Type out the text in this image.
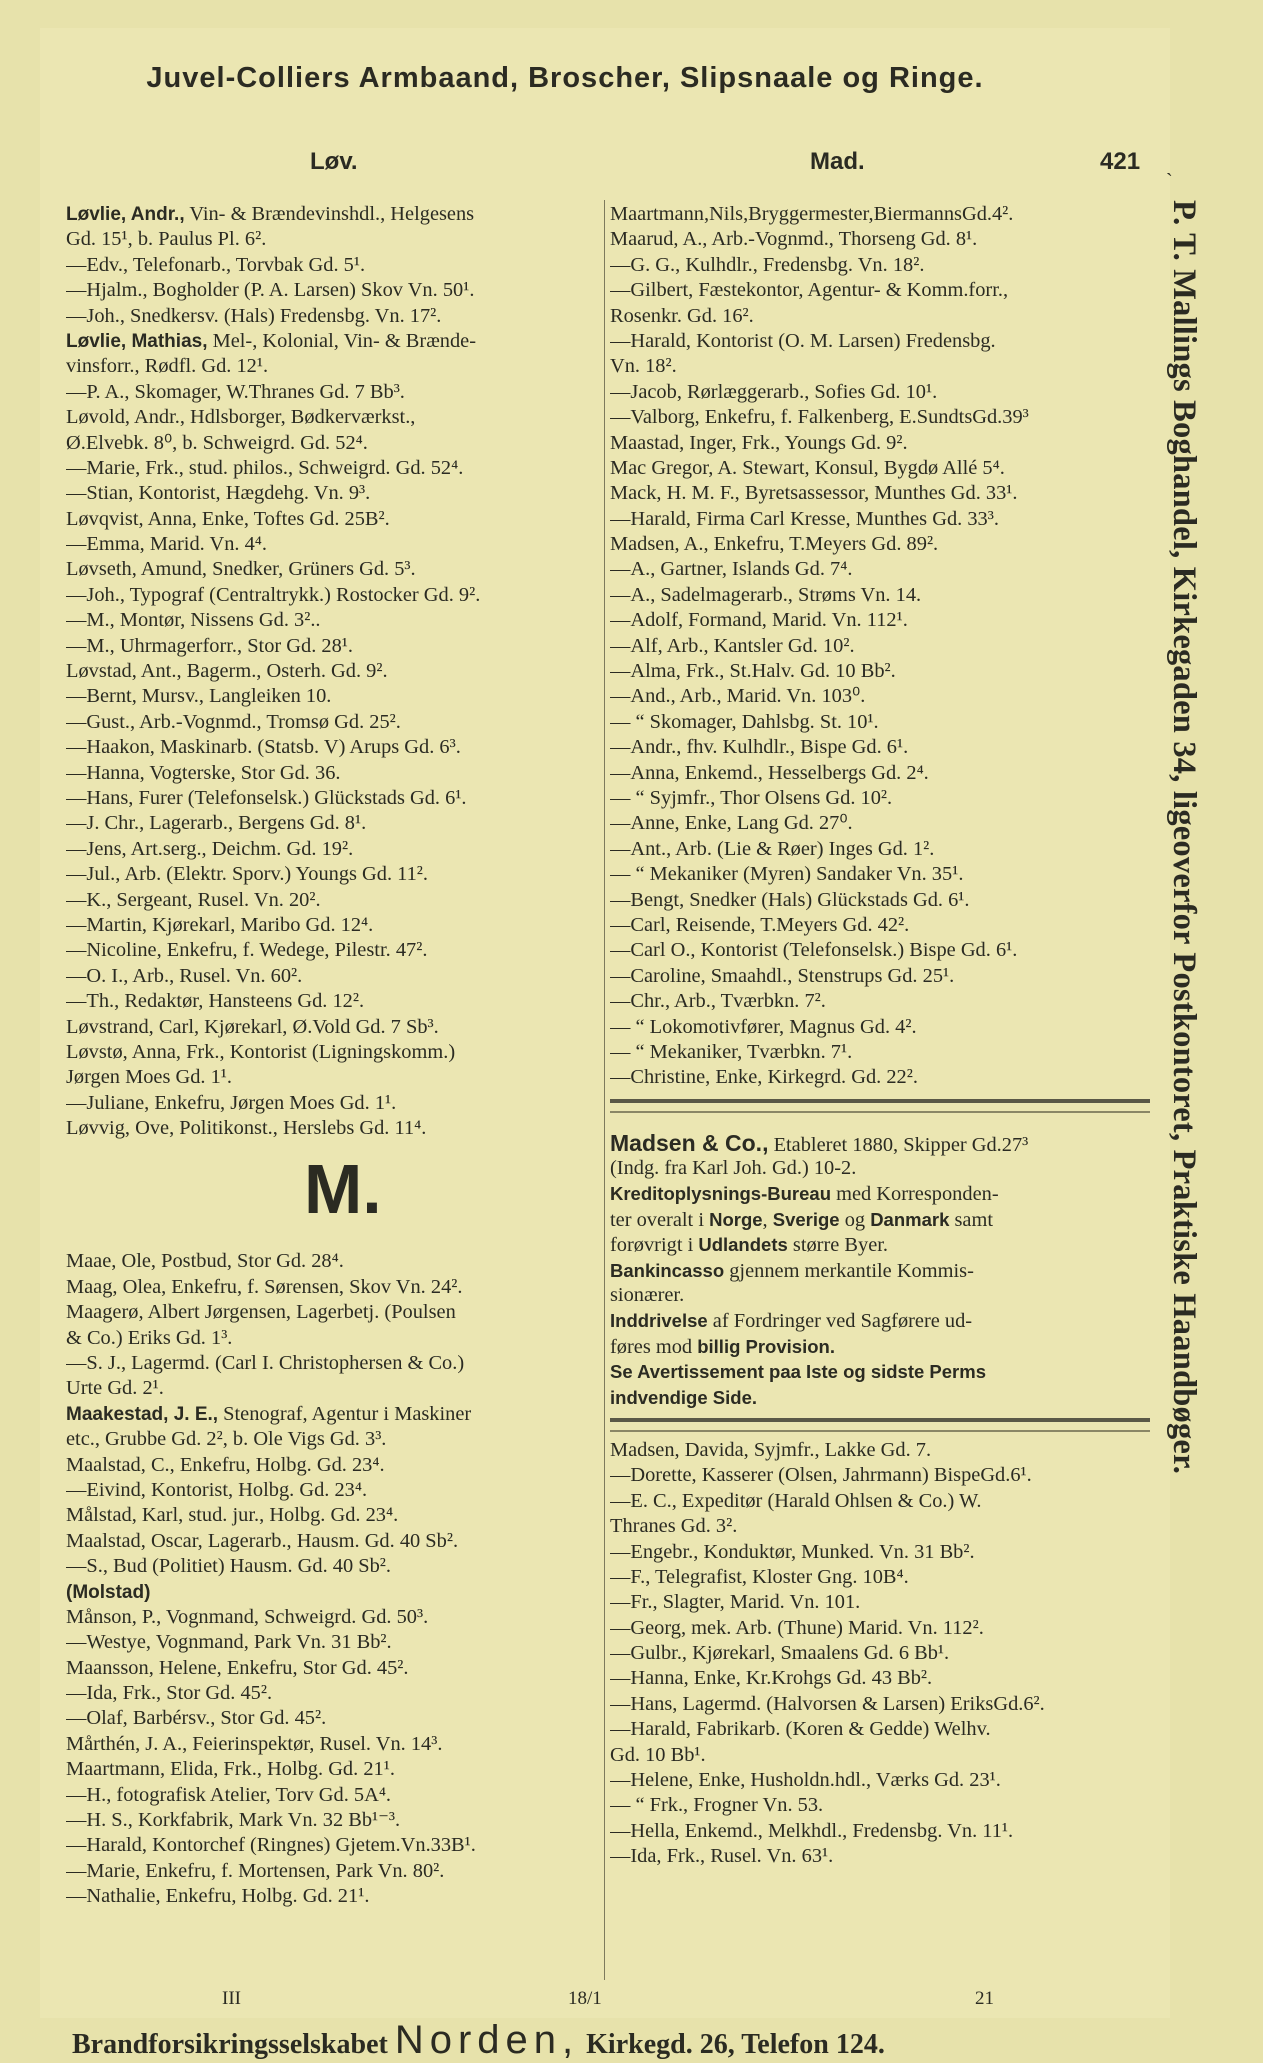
Juvel-Colliers Armbaand, Broscher, Slipsnaale og Ringe.
Løv.	Mad.	421
Løvlie, Andr., Vin- & Brændevinshdl., Helgesens
Gd. 15¹, b. Paulus Pl. 6².
—Edv., Telefonarb., Torvbak Gd. 5¹.
—Hjalm., Bogholder (P. A. Larsen) Skov Vn. 50¹.
—Joh., Snedkersv. (Hals) Fredensbg. Vn. 17².
Løvlie, Mathias, Mel-, Kolonial, Vin- & Brænde-
vinsforr., Rødfl. Gd. 12¹.
—P. A., Skomager, W.Thranes Gd. 7 Bb³.
Løvold, Andr., Hdlsborger, Bødkerværkst.,
Ø.Elvebk. 8⁰, b. Schweigrd. Gd. 52⁴.
—Marie, Frk., stud. philos., Schweigrd. Gd. 52⁴.
—Stian, Kontorist, Hægdehg. Vn. 9³.
Løvqvist, Anna, Enke, Toftes Gd. 25B².
—Emma, Marid. Vn. 4⁴.
Løvseth, Amund, Snedker, Grüners Gd. 5³.
—Joh., Typograf (Centraltrykk.) Rostocker Gd. 9².
—M., Montør, Nissens Gd. 3²..
—M., Uhrmagerforr., Stor Gd. 28¹.
Løvstad, Ant., Bagerm., Osterh. Gd. 9².
—Bernt, Mursv., Langleiken 10.
—Gust., Arb.-Vognmd., Tromsø Gd. 25².
—Haakon, Maskinarb. (Statsb. V) Arups Gd. 6³.
—Hanna, Vogterske, Stor Gd. 36.
—Hans, Furer (Telefonselsk.) Glückstads Gd. 6¹.
—J. Chr., Lagerarb., Bergens Gd. 8¹.
—Jens, Art.serg., Deichm. Gd. 19².
—Jul., Arb. (Elektr. Sporv.) Youngs Gd. 11².
—K., Sergeant, Rusel. Vn. 20².
—Martin, Kjørekarl, Maribo Gd. 12⁴.
—Nicoline, Enkefru, f. Wedege, Pilestr. 47².
—O. I., Arb., Rusel. Vn. 60².
—Th., Redaktør, Hansteens Gd. 12².
Løvstrand, Carl, Kjørekarl, Ø.Vold Gd. 7 Sb³.
Løvstø, Anna, Frk., Kontorist (Ligningskomm.)
Jørgen Moes Gd. 1¹.
—Juliane, Enkefru, Jørgen Moes Gd. 1¹.
Løvvig, Ove, Politikonst., Herslebs Gd. 11⁴.
M.
Maae, Ole, Postbud, Stor Gd. 28⁴.
Maag, Olea, Enkefru, f. Sørensen, Skov Vn. 24².
Maagerø, Albert Jørgensen, Lagerbetj. (Poulsen
& Co.) Eriks Gd. 1³.
—S. J., Lagermd. (Carl I. Christophersen & Co.)
Urte Gd. 2¹.
Maakestad, J. E., Stenograf, Agentur i Maskiner
etc., Grubbe Gd. 2², b. Ole Vigs Gd. 3³.
Maalstad, C., Enkefru, Holbg. Gd. 23⁴.
—Eivind, Kontorist, Holbg. Gd. 23⁴.
Målstad, Karl, stud. jur., Holbg. Gd. 23⁴.
Maalstad, Oscar, Lagerarb., Hausm. Gd. 40 Sb².
—S., Bud (Politiet) Hausm. Gd. 40 Sb².
(Molstad)
Månson, P., Vognmand, Schweigrd. Gd. 50³.
—Westye, Vognmand, Park Vn. 31 Bb².
Maansson, Helene, Enkefru, Stor Gd. 45².
—Ida, Frk., Stor Gd. 45².
—Olaf, Barbérsv., Stor Gd. 45².
Mårthén, J. A., Feierinspektør, Rusel. Vn. 14³.
Maartmann, Elida, Frk., Holbg. Gd. 21¹.
—H., fotografisk Atelier, Torv Gd. 5A⁴.
—H. S., Korkfabrik, Mark Vn. 32 Bb¹⁻³.
—Harald, Kontorchef (Ringnes) Gjetem.Vn.33B¹.
—Marie, Enkefru, f. Mortensen, Park Vn. 80².
—Nathalie, Enkefru, Holbg. Gd. 21¹.
Maartmann,Nils,Bryggermester,BiermannsGd.4².
Maarud, A., Arb.-Vognmd., Thorseng Gd. 8¹.
—G. G., Kulhdlr., Fredensbg. Vn. 18².
—Gilbert, Fæstekontor, Agentur- & Komm.forr.,
Rosenkr. Gd. 16².
—Harald, Kontorist (O. M. Larsen) Fredensbg.
Vn. 18².
—Jacob, Rørlæggerarb., Sofies Gd. 10¹.
—Valborg, Enkefru, f. Falkenberg, E.SundtsGd.39³
Maastad, Inger, Frk., Youngs Gd. 9².
Mac Gregor, A. Stewart, Konsul, Bygdø Allé 5⁴.
Mack, H. M. F., Byretsassessor, Munthes Gd. 33¹.
—Harald, Firma Carl Kresse, Munthes Gd. 33³.
Madsen, A., Enkefru, T.Meyers Gd. 89².
—A., Gartner, Islands Gd. 7⁴.
—A., Sadelmagerarb., Strøms Vn. 14.
—Adolf, Formand, Marid. Vn. 112¹.
—Alf, Arb., Kantsler Gd. 10².
—Alma, Frk., St.Halv. Gd. 10 Bb².
—And., Arb., Marid. Vn. 103⁰.
— “ Skomager, Dahlsbg. St. 10¹.
—Andr., fhv. Kulhdlr., Bispe Gd. 6¹.
—Anna, Enkemd., Hesselbergs Gd. 2⁴.
— “ Syjmfr., Thor Olsens Gd. 10².
—Anne, Enke, Lang Gd. 27⁰.
—Ant., Arb. (Lie & Røer) Inges Gd. 1².
— “ Mekaniker (Myren) Sandaker Vn. 35¹.
—Bengt, Snedker (Hals) Glückstads Gd. 6¹.
—Carl, Reisende, T.Meyers Gd. 42².
—Carl O., Kontorist (Telefonselsk.) Bispe Gd. 6¹.
—Caroline, Smaahdl., Stenstrups Gd. 25¹.
—Chr., Arb., Tværbkn. 7².
— “ Lokomotivfører, Magnus Gd. 4².
— “ Mekaniker, Tværbkn. 7¹.
—Christine, Enke, Kirkegrd. Gd. 22².
Madsen & Co., Etableret 1880, Skipper Gd.27³
(Indg. fra Karl Joh. Gd.) 10-2.
Kreditoplysnings-Bureau med Korresponden-
ter overalt i Norge, Sverige og Danmark samt
forøvrigt i Udlandets større Byer.
Bankincasso gjennem merkantile Kommis-
sionærer.
Inddrivelse af Fordringer ved Sagførere ud-
føres mod billig Provision.
Se Avertissement paa Iste og sidste Perms
indvendige Side.
Madsen, Davida, Syjmfr., Lakke Gd. 7.
—Dorette, Kasserer (Olsen, Jahrmann) BispeGd.6¹.
—E. C., Expeditør (Harald Ohlsen & Co.) W.
Thranes Gd. 3².
—Engebr., Konduktør, Munked. Vn. 31 Bb².
—F., Telegrafist, Kloster Gng. 10B⁴.
—Fr., Slagter, Marid. Vn. 101.
—Georg, mek. Arb. (Thune) Marid. Vn. 112².
—Gulbr., Kjørekarl, Smaalens Gd. 6 Bb¹.
—Hanna, Enke, Kr.Krohgs Gd. 43 Bb².
—Hans, Lagermd. (Halvorsen & Larsen) EriksGd.6².
—Harald, Fabrikarb. (Koren & Gedde) Welhv.
Gd. 10 Bb¹.
—Helene, Enke, Husholdn.hdl., Værks Gd. 23¹.
— “ Frk., Frogner Vn. 53.
—Hella, Enkemd., Melkhdl., Fredensbg. Vn. 11¹.
—Ida, Frk., Rusel. Vn. 63¹.
`
P. T. Mallings Boghandel, Kirkegaden 34, ligeoverfor Postkontoret, Praktiske Haandbøger.
III	18/1	21
Brandforsikringsselskabet Norden, Kirkegd. 26, Telefon 124.
